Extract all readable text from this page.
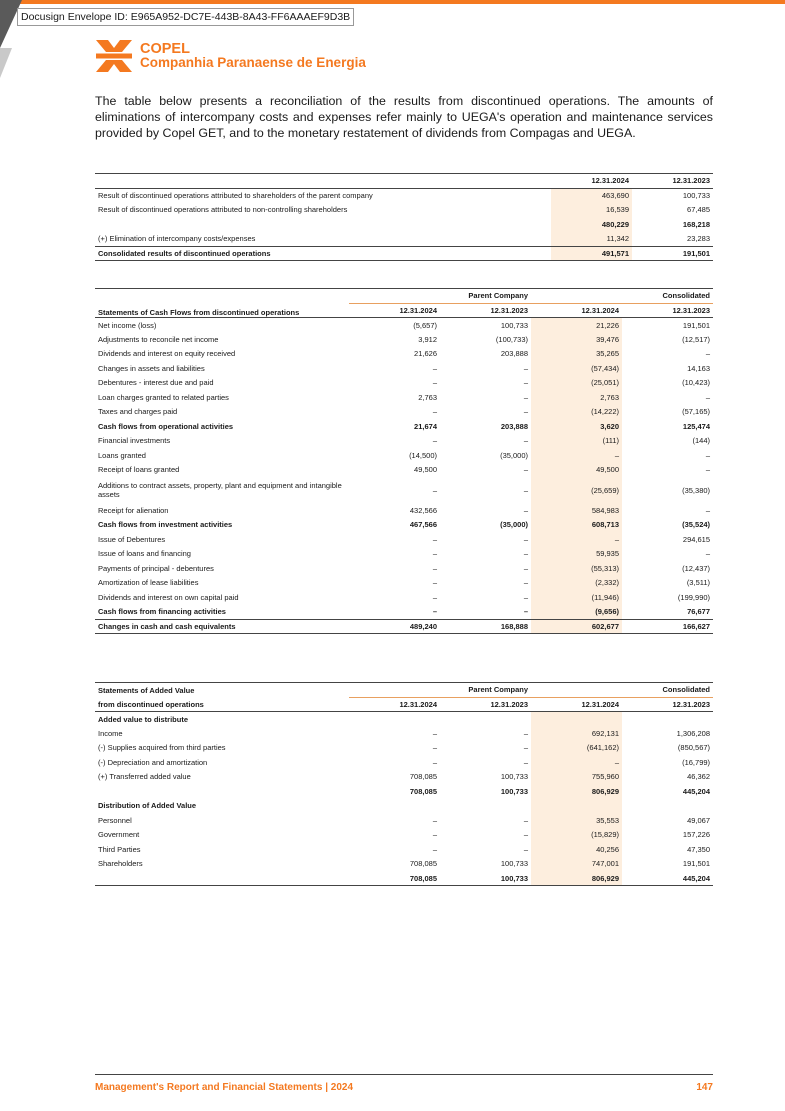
Docusign Envelope ID: E965A952-DC7E-443B-8A43-FF6AAAEF9D3B
COPEL
Companhia Paranaense de Energia

The table below presents a reconciliation of the results from discontinued operations. The amounts of eliminations of intercompany costs and expenses refer mainly to UEGA's operation and maintenance services provided by Copel GET, and to the monetary restatement of dividends from Compagas and UEGA.

	12.31.2024	12.31.2023
Result of discontinued operations attributed to shareholders of the parent company	463,690	100,733
Result of discontinued operations attributed to non-controlling shareholders	16,539	67,485
	480,229	168,218
(+) Elimination of intercompany costs/expenses	11,342	23,283
Consolidated results of discontinued operations	491,571	191,501
Statements of Cash Flows from discontinued operations	Parent Company		Consolidated	
	12.31.2024	12.31.2023	12.31.2024	12.31.2023
Net income (loss)	(5,657)	100,733	21,226	191,501
Adjustments to reconcile net income	3,912	(100,733)	39,476	(12,517)
Dividends and interest on equity received	21,626	203,888	35,265	–
Changes in assets and liabilities	–	–	(57,434)	14,163
Debentures - interest due and paid	–	–	(25,051)	(10,423)
Loan charges granted to related parties	2,763	–	2,763	–
Taxes and charges paid	–	–	(14,222)	(57,165)
Cash flows from operational activities	21,674	203,888	3,620	125,474
Financial investments	–	–	(111)	(144)
Loans granted	(14,500)	(35,000)	–	–
Receipt of loans granted	49,500	–	49,500	–
Additions to contract assets, property, plant and equipment and intangible assets	–	–	(25,659)	(35,380)
Receipt for alienation	432,566	–	584,983	–
Cash flows from investment activities	467,566	(35,000)	608,713	(35,524)
Issue of Debentures	–	–	–	294,615
Issue of loans and financing	–	–	59,935	–
Payments of principal - debentures	–	–	(55,313)	(12,437)
Amortization of lease liabilities	–	–	(2,332)	(3,511)
Dividends and interest on own capital paid	–	–	(11,946)	(199,990)
Cash flows from financing activities	–	–	(9,656)	76,677
Changes in cash and cash equivalents	489,240	168,888	602,677	166,627
Statements of Added Value	Parent Company		Consolidated	
from discontinued operations	12.31.2024	12.31.2023	12.31.2024	12.31.2023
Added value to distribute				
Income	–	–	692,131	1,306,208
(-) Supplies acquired from third parties	–	–	(641,162)	(850,567)
(-) Depreciation and amortization	–	–	–	(16,799)
(+) Transferred added value	708,085	100,733	755,960	46,362
	708,085	100,733	806,929	445,204
Distribution of Added Value				
Personnel	–	–	35,553	49,067
Government	–	–	(15,829)	157,226
Third Parties	–	–	40,256	47,350
Shareholders	708,085	100,733	747,001	191,501
	708,085	100,733	806,929	445,204
Management's Report and Financial Statements | 2024	147
